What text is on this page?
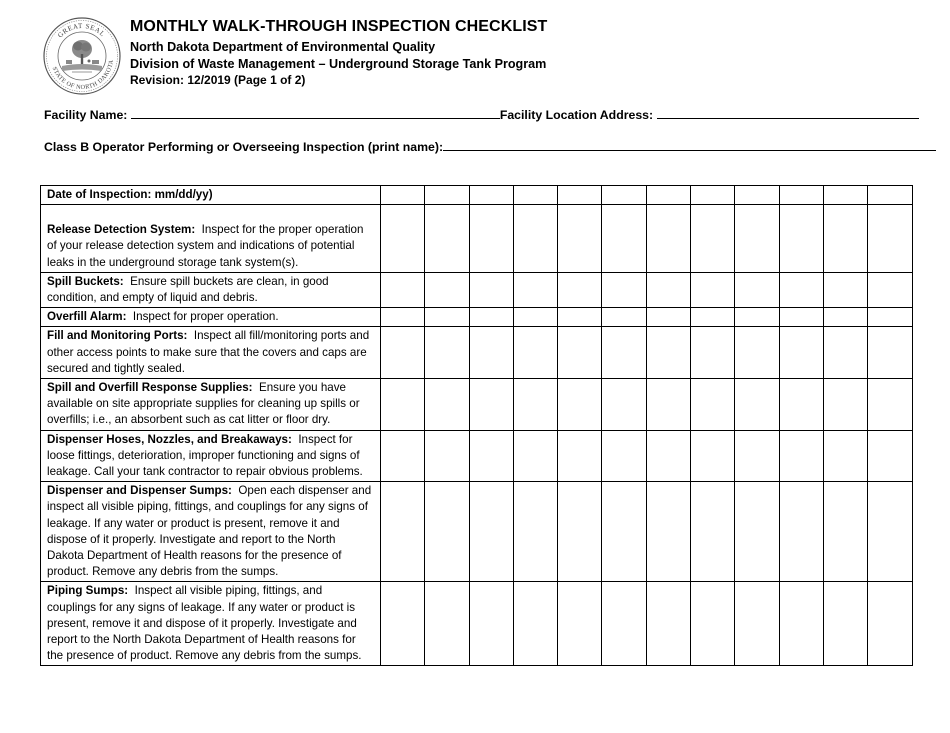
GREAT SEAL
STATE OF NORTH DAKOTA
MONTHLY WALK-THROUGH INSPECTION CHECKLIST
North Dakota Department of Environmental Quality
Division of Waste Management – Underground Storage Tank Program
Revision: 12/2019 (Page 1 of 2)
Facility Name:	Facility Location Address:
Class B Operator Performing or Overseeing Inspection (print name):
Date of Inspection: mm/dd/yy)												
Release Detection System: Inspect for the proper operation of your release detection system and indications of potential leaks in the underground storage tank system(s).												
Spill Buckets: Ensure spill buckets are clean, in good condition, and empty of liquid and debris.												
Overfill Alarm: Inspect for proper operation.												
Fill and Monitoring Ports: Inspect all fill/monitoring ports and other access points to make sure that the covers and caps are secured and tightly sealed.												
Spill and Overfill Response Supplies: Ensure you have available on site appropriate supplies for cleaning up spills or overfills; i.e., an absorbent such as cat litter or floor dry.												
Dispenser Hoses, Nozzles, and Breakaways: Inspect for loose fittings, deterioration, improper functioning and signs of leakage. Call your tank contractor to repair obvious problems.												
Dispenser and Dispenser Sumps: Open each dispenser and inspect all visible piping, fittings, and couplings for any signs of leakage. If any water or product is present, remove it and dispose of it properly. Investigate and report to the North Dakota Department of Health reasons for the presence of product. Remove any debris from the sumps.												
Piping Sumps: Inspect all visible piping, fittings, and couplings for any signs of leakage. If any water or product is present, remove it and dispose of it properly. Investigate and report to the North Dakota Department of Health reasons for the presence of product. Remove any debris from the sumps.												
